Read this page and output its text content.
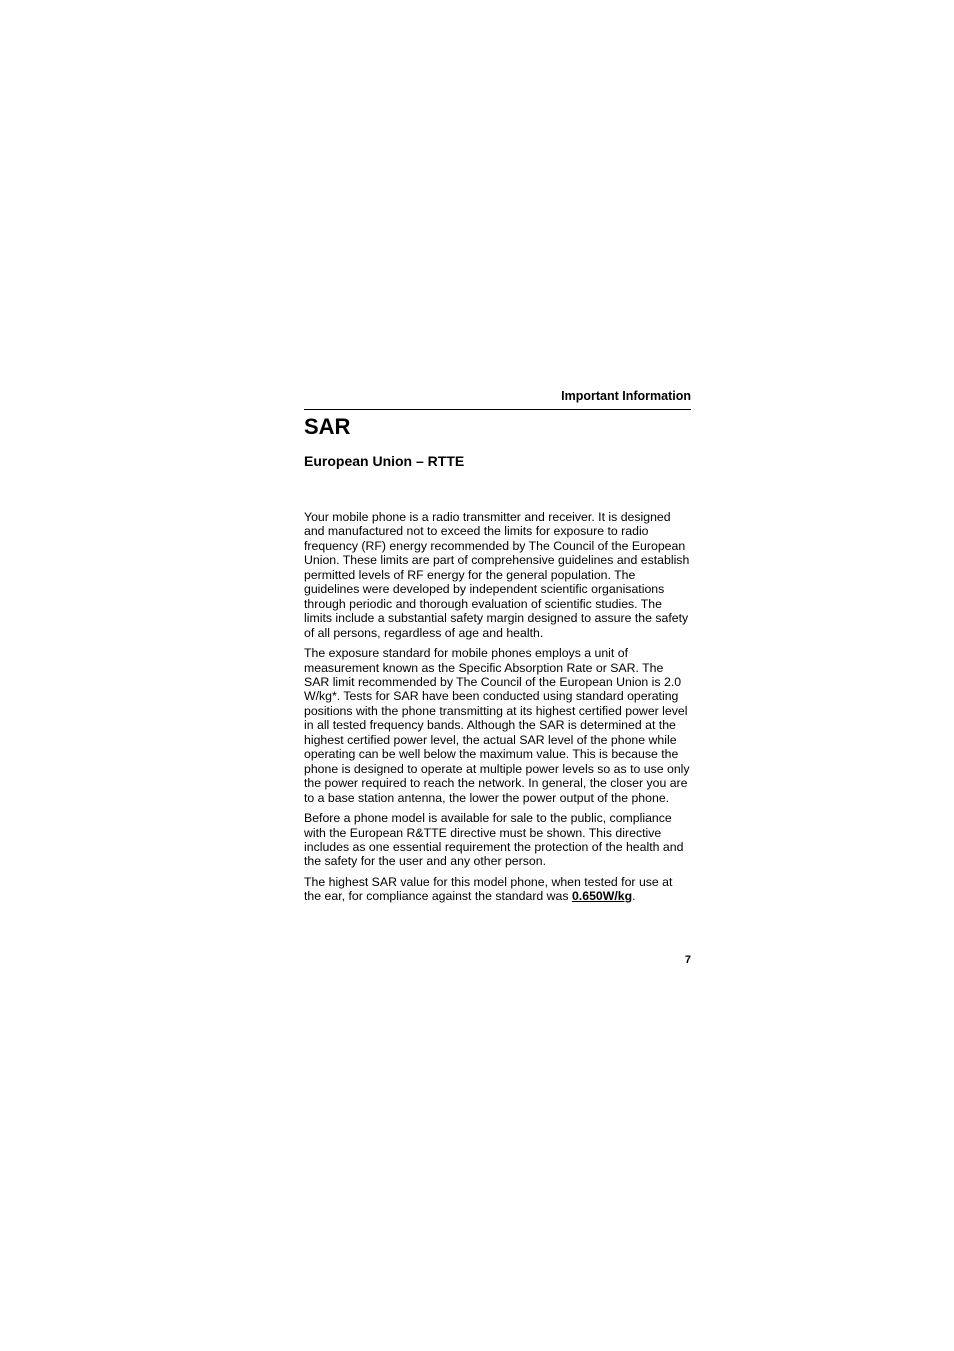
Important Information
SAR
European Union – RTTE

Your mobile phone is a radio transmitter and receiver. It is designed and manufactured not to exceed the limits for exposure to radio frequency (RF) energy recommended by The Council of the European Union. These limits are part of comprehensive guidelines and establish permitted levels of RF energy for the general population. The guidelines were developed by independent scientific organisations through periodic and thorough evaluation of scientific studies. The limits include a substantial safety margin designed to assure the safety of all persons, regardless of age and health.

The exposure standard for mobile phones employs a unit of measurement known as the Specific Absorption Rate or SAR. The SAR limit recommended by The Council of the European Union is 2.0 W/kg*. Tests for SAR have been conducted using standard operating positions with the phone transmitting at its highest certified power level in all tested frequency bands. Although the SAR is determined at the highest certified power level, the actual SAR level of the phone while operating can be well below the maximum value. This is because the phone is designed to operate at multiple power levels so as to use only the power required to reach the network. In general, the closer you are to a base station antenna, the lower the power output of the phone.

Before a phone model is available for sale to the public, compliance with the European R&TTE directive must be shown. This directive includes as one essential requirement the protection of the health and the safety for the user and any other person.

The highest SAR value for this model phone, when tested for use at the ear, for compliance against the standard was 0.650W/kg.

7
